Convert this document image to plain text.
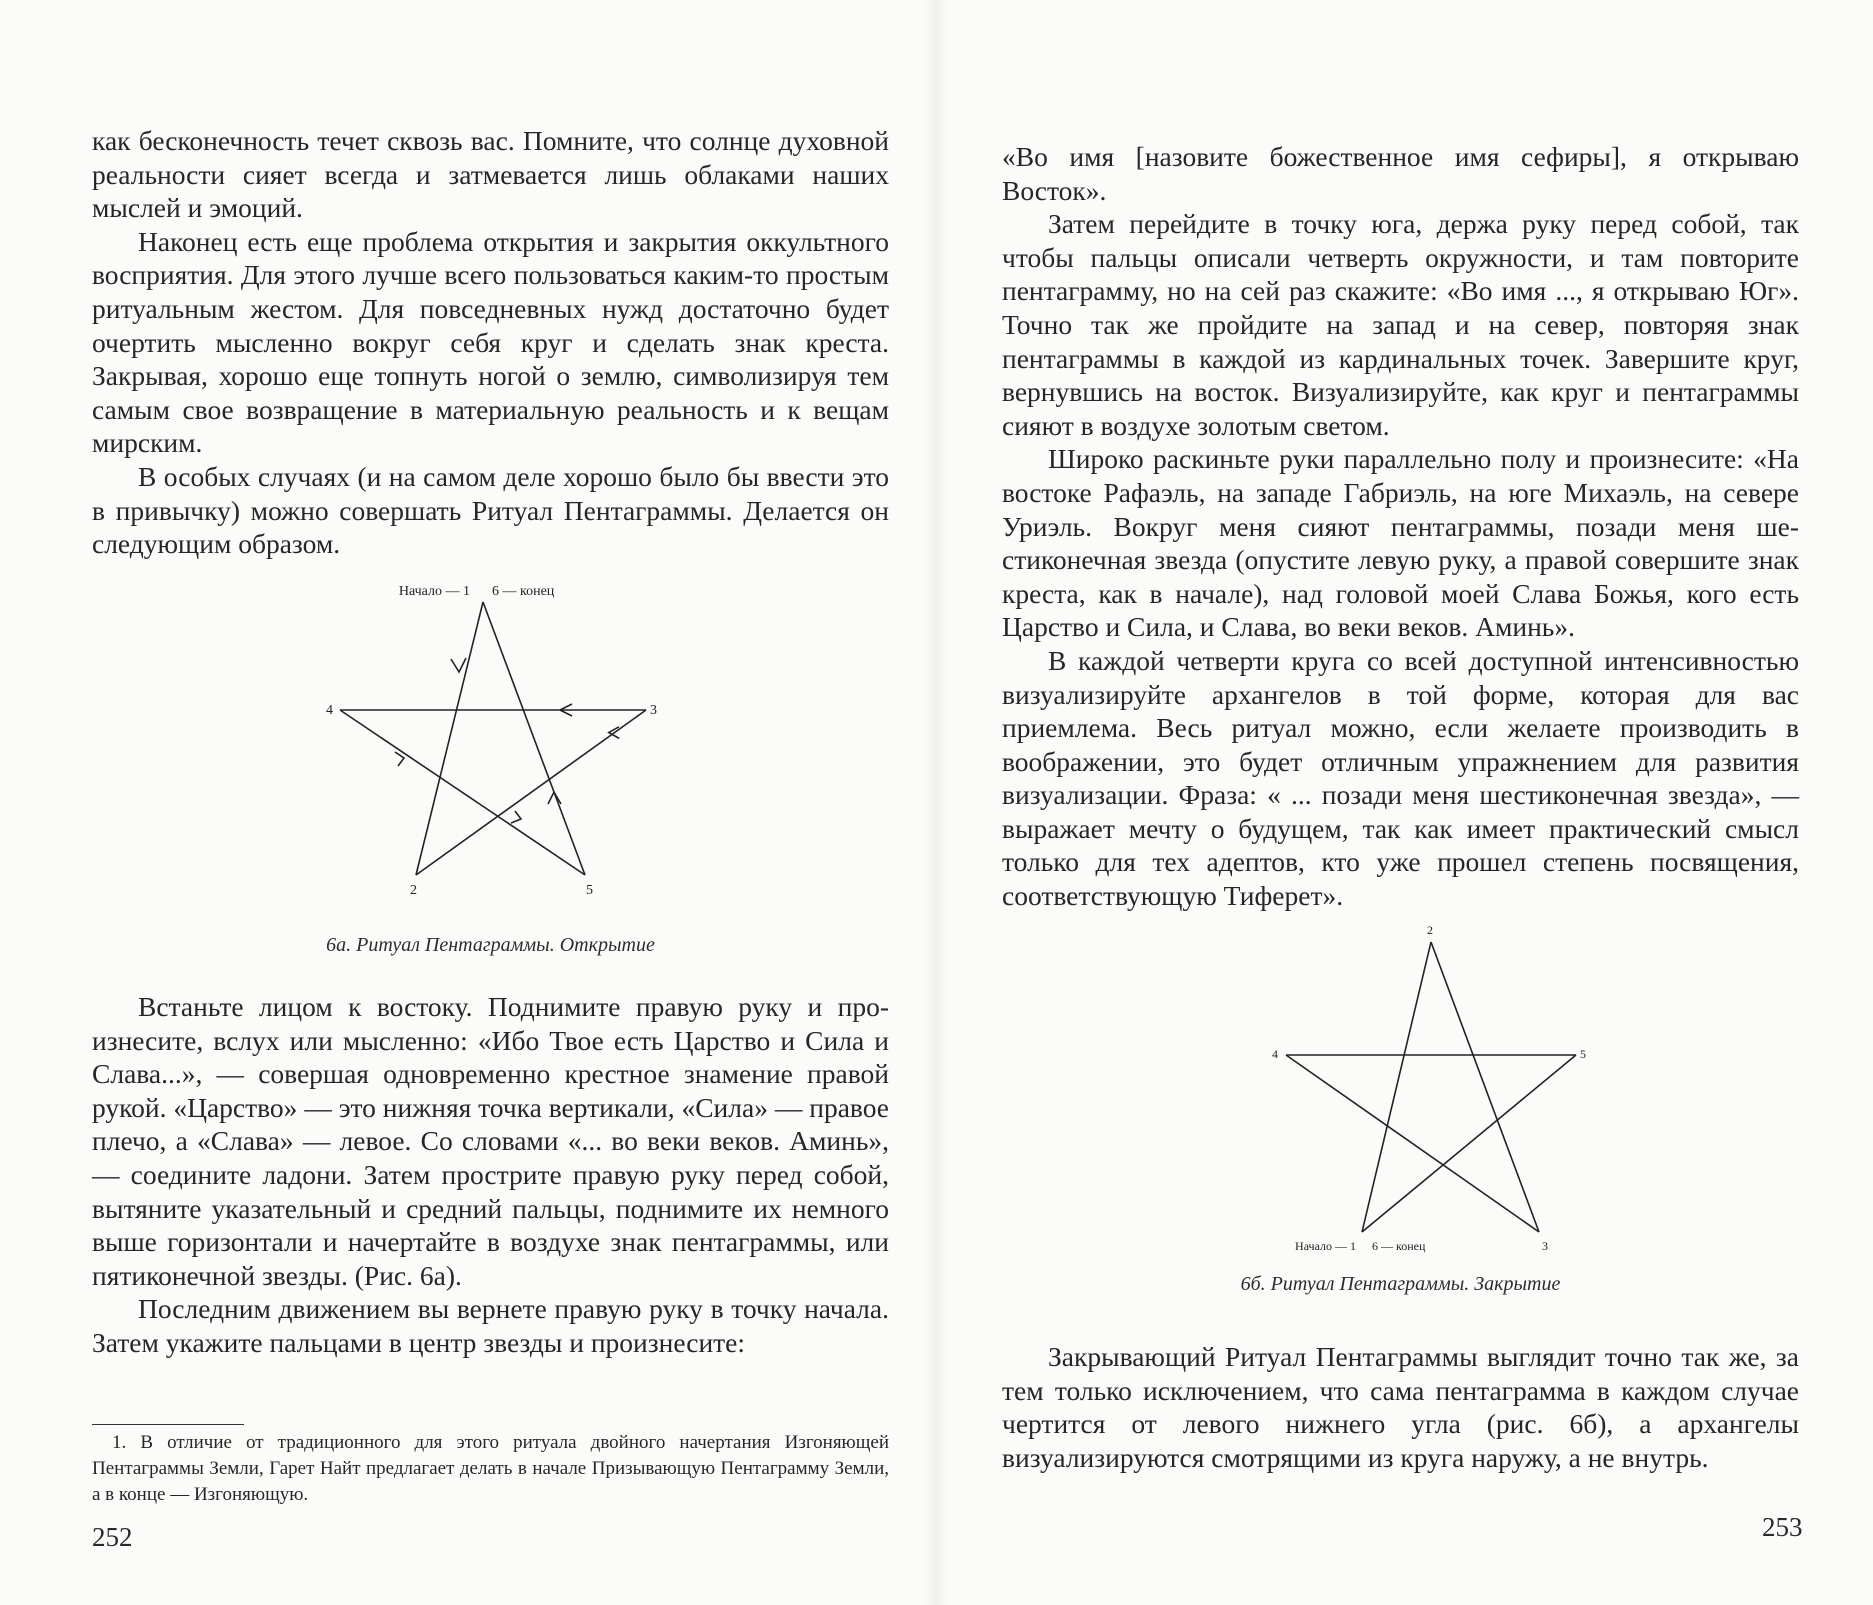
как бесконечность течет сквозь вас. Помните, что солнце духовной реальности сияет всегда и затмевается лишь облаками наших мыслей и эмоций.

Наконец есть еще проблема открытия и закрытия оккультного восприятия. Для этого лучше всего пользоваться каким-то простым ритуальным жестом. Для повседневных нужд достаточно будет очертить мысленно вокруг себя круг и сделать знак креста. Закрывая, хорошо еще топнуть ногой о землю, символизируя тем самым свое возвращение в материальную реальность и к вещам мирским.

В особых случаях (и на самом деле хорошо было бы ввести это в привычку) можно совершать Ритуал Пентаграммы. Делается он следующим образом.

Начало — 1 6 — конец
2
3
4
5
6а. Ритуал Пентаграммы. Открытие

Встаньте лицом к востоку. Поднимите правую руку и произнесите, вслух или мысленно: «Ибо Твое есть Царство и Сила и Слава...», — совершая одновременно крестное знамение правой рукой. «Царство» — это нижняя точка вертикали, «Сила» — правое плечо, а «Слава» — левое. Со словами «... во веки веков. Аминь», — соедините ладони. Затем прострите правую руку перед собой, вытяните указательный и средний пальцы, поднимите их немного выше горизонтали и начертайте в воздухе знак пентаграммы, или пятиконечной звезды. (Рис. 6а).

Последним движением вы вернете правую руку в точку начала. Затем укажите пальцами в центр звезды и произнесите:

1. В отличие от традиционного для этого ритуала двойного начертания Изгоняющей Пентаграммы Земли, Гарет Найт предлагает делать в начале Призывающую Пентаграмму Земли, а в конце — Изгоняющую.
252

«Во имя [назовите божественное имя сефиры], я открываю Восток».

Затем перейдите в точку юга, держа руку перед собой, так чтобы пальцы описали четверть окружности, и там повторите пентаграмму, но на сей раз скажите: «Во имя ..., я открываю Юг». Точно так же пройдите на запад и на север, повторяя знак пентаграммы в каждой из кардинальных точек. Завершите круг, вернувшись на восток. Визуализируйте, как круг и пентаграммы сияют в воздухе золотым светом.

Широко раскиньте руки параллельно полу и произнесите: «На востоке Рафаэль, на западе Габриэль, на юге Михаэль, на севере Уриэль. Вокруг меня сияют пентаграммы, позади меня шестиконечная звезда (опустите левую руку, а правой совершите знак креста, как в начале), над головой моей Слава Божья, кого есть Царство и Сила, и Слава, во веки веков. Аминь».

В каждой четверти круга со всей доступной интенсивностью визуализируйте архангелов в той форме, которая для вас приемлема. Весь ритуал можно, если желаете производить в воображении, это будет отличным упражнением для развития визуализации. Фраза: « ... позади меня шестиконечная звезда», — выражает мечту о будущем, так как имеет практический смысл только для тех адептов, кто уже прошел степень посвящения, соответствующую Тиферет».

2
3
4	5
Начало — 1 6 — конец
6б. Ритуал Пентаграммы. Закрытие

Закрывающий Ритуал Пентаграммы выглядит точно так же, за тем только исключением, что сама пентаграмма в каждом случае чертится от левого нижнего угла (рис. 6б), а архангелы визуализируются смотрящими из круга наружу, а не внутрь.

253
